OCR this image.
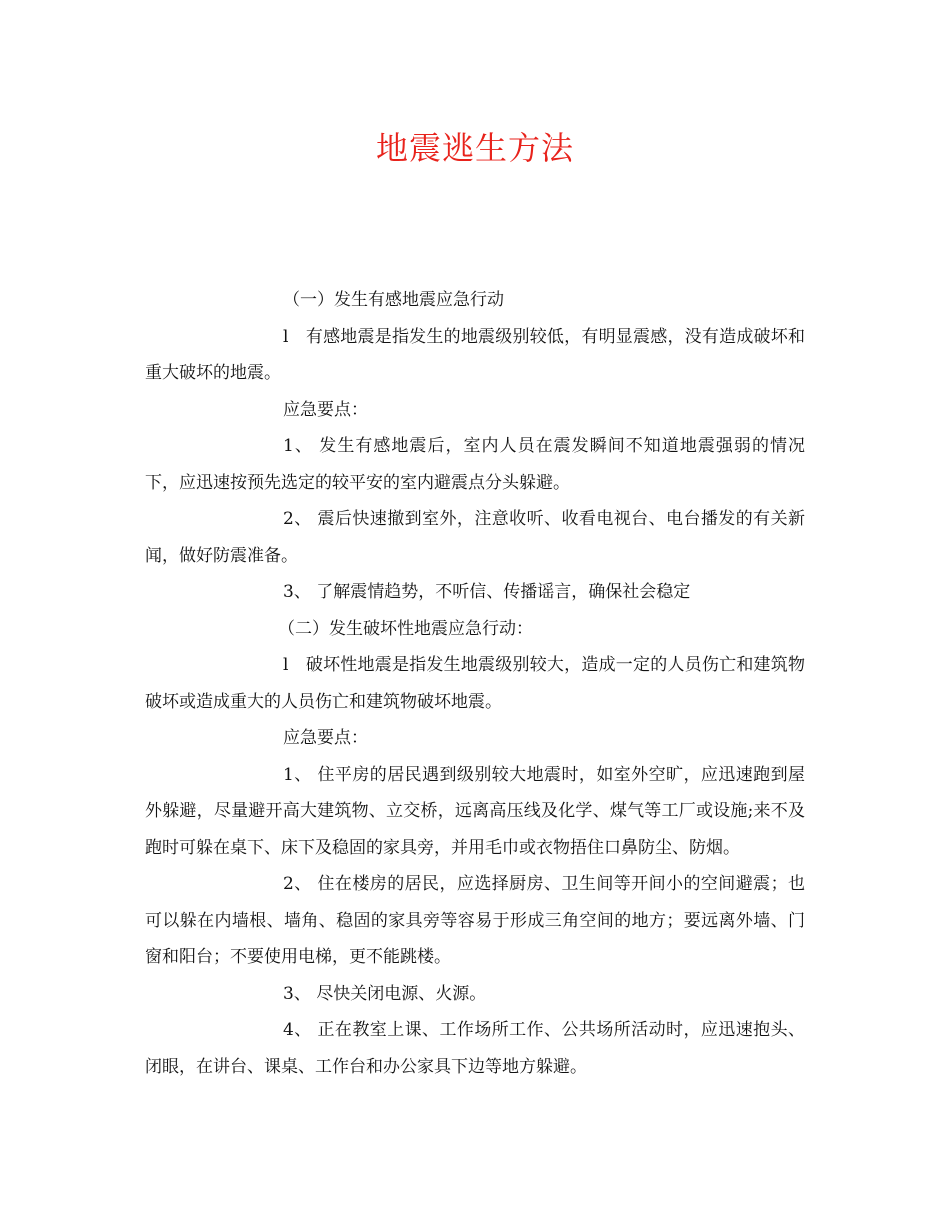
地震逃生方法

（一）发生有感地震应急行动

l　有感地震是指发生的地震级别较低，有明显震感，没有造成破坏和重大破坏的地震。

应急要点：

1、 发生有感地震后，室内人员在震发瞬间不知道地震强弱的情况下，应迅速按预先选定的较平安的室内避震点分头躲避。

2、 震后快速撤到室外，注意收听、收看电视台、电台播发的有关新闻，做好防震准备。

3、 了解震情趋势，不听信、传播谣言，确保社会稳定

（二）发生破坏性地震应急行动：

l　破坏性地震是指发生地震级别较大，造成一定的人员伤亡和建筑物破坏或造成重大的人员伤亡和建筑物破坏地震。

应急要点：

1、 住平房的居民遇到级别较大地震时，如室外空旷，应迅速跑到屋外躲避，尽量避开高大建筑物、立交桥，远离高压线及化学、煤气等工厂或设施;来不及跑时可躲在桌下、床下及稳固的家具旁，并用毛巾或衣物捂住口鼻防尘、防烟。

2、 住在楼房的居民，应选择厨房、卫生间等开间小的空间避震；也可以躲在内墙根、墙角、稳固的家具旁等容易于形成三角空间的地方；要远离外墙、门窗和阳台；不要使用电梯，更不能跳楼。

3、 尽快关闭电源、火源。

4、 正在教室上课、工作场所工作、公共场所活动时，应迅速抱头、闭眼，在讲台、课桌、工作台和办公家具下边等地方躲避。
